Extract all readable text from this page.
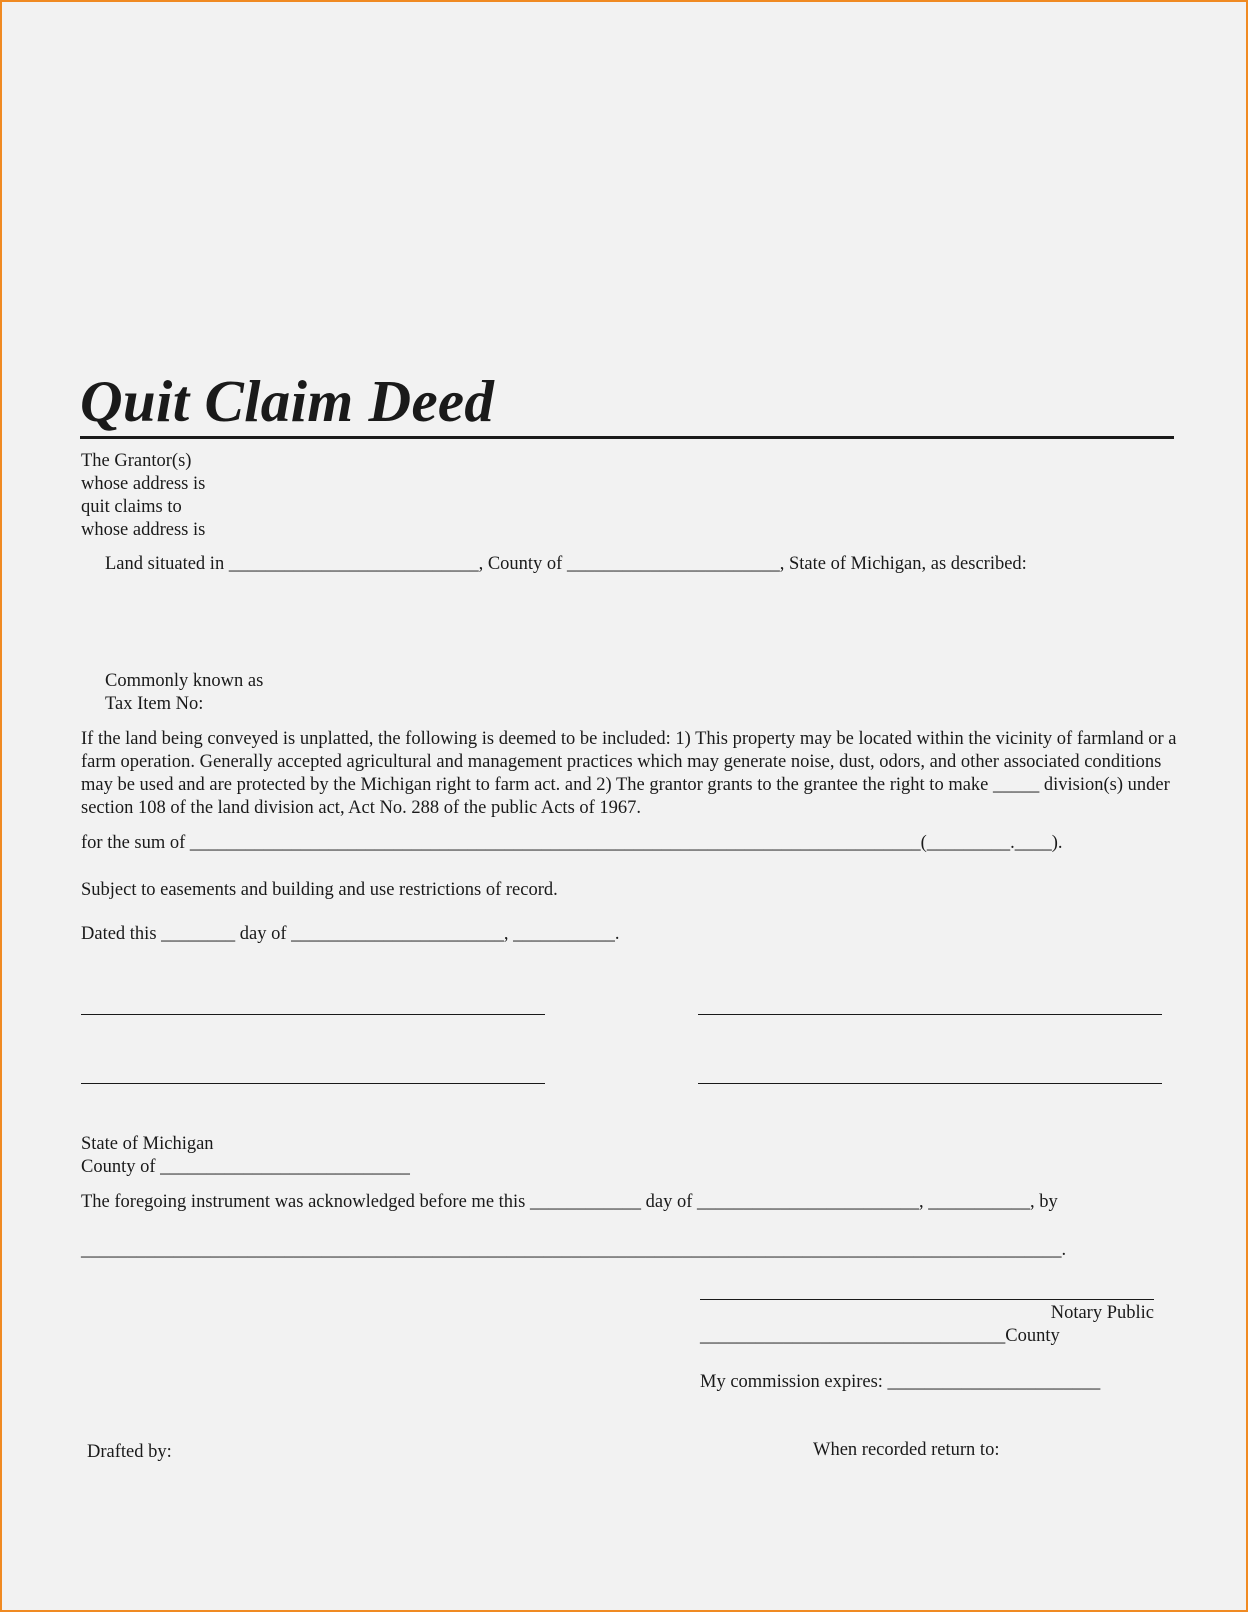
Quit Claim Deed
The Grantor(s)
whose address is
quit claims to
whose address is
Land situated in ___________________________, County of _______________________, State of Michigan, as described:
Commonly known as
Tax Item No:
If the land being conveyed is unplatted, the following is deemed to be included: 1) This property may be located within the vicinity of farmland or a farm operation. Generally accepted agricultural and management practices which may generate noise, dust, odors, and other associated conditions may be used and are protected by the Michigan right to farm act. and 2) The grantor grants to the grantee the right to make _____ division(s) under section 108 of the land division act, Act No. 288 of the public Acts of 1967.
for the sum of _______________________________________________________________________________(_________.____).
Subject to easements and building and use restrictions of record.
Dated this ________ day of _______________________, ___________.
State of Michigan
County of ___________________________
The foregoing instrument was acknowledged before me this ____________ day of ________________________, ___________, by
__________________________________________________________________________________________________________.
Notary Public
_________________________________County
My commission expires: _______________________
Drafted by:	When recorded return to:
